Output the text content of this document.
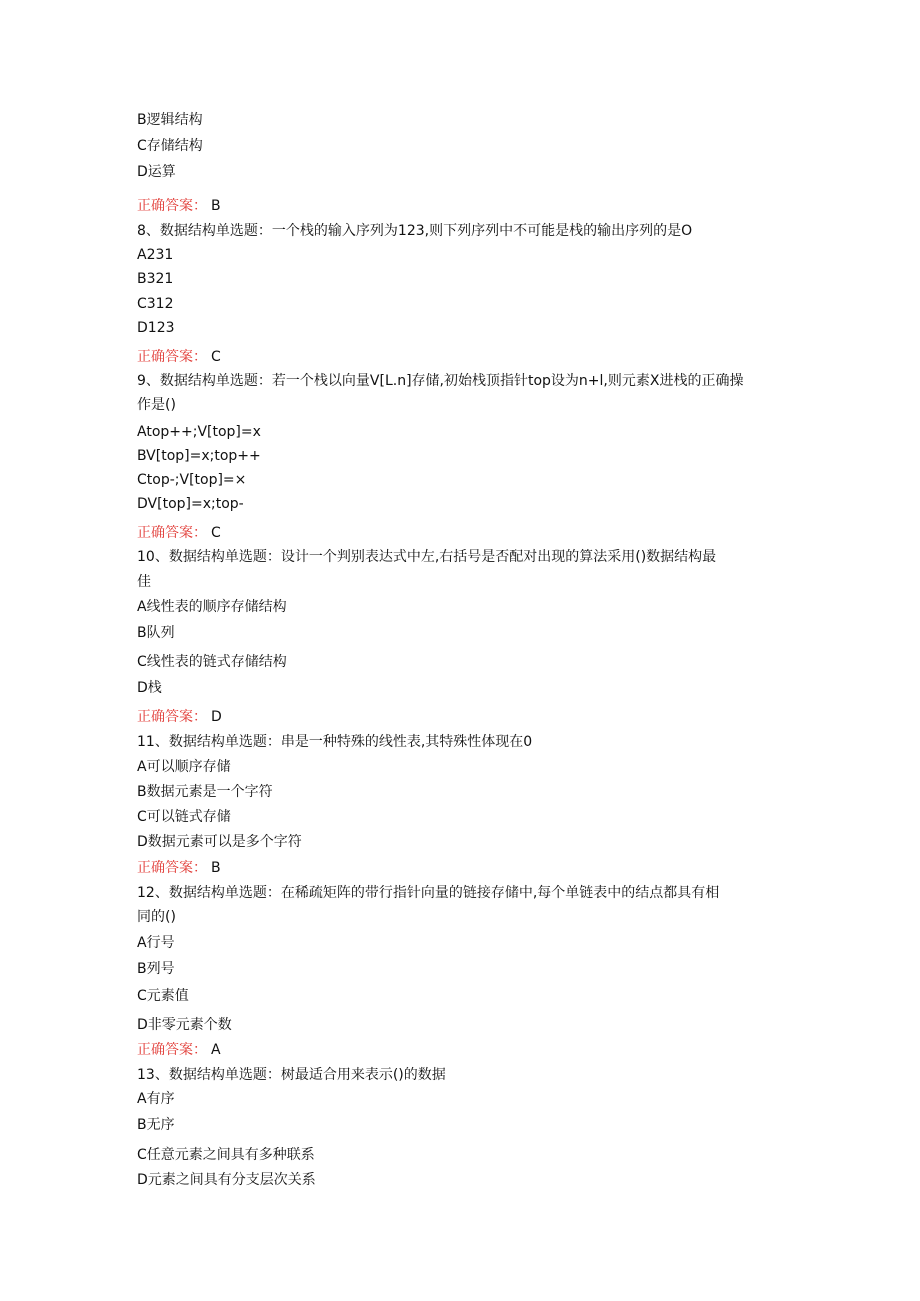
B逻辑结构
C存储结构
D运算
正确答案： B
8、数据结构单选题：一个栈的输入序列为123,则下列序列中不可能是栈的输出序列的是O
A231
B321
C312
D123
正确答案： C
9、数据结构单选题：若一个栈以向量V[L.n]存储,初始栈顶指针top设为n+l,则元素X进栈的正确操
作是()
Atop++;V[top]=x
BV[top]=x;top++
Ctop-;V[top]=×
DV[top]=x;top-
正确答案： C
10、数据结构单选题：设计一个判别表达式中左,右括号是否配对出现的算法采用()数据结构最
佳
A线性表的顺序存储结构
B队列
C线性表的链式存储结构
D栈
正确答案： D
11、数据结构单选题：串是一种特殊的线性表,其特殊性体现在0
A可以顺序存储
B数据元素是一个字符
C可以链式存储
D数据元素可以是多个字符
正确答案： B
12、数据结构单选题：在稀疏矩阵的带行指针向量的链接存储中,每个单链表中的结点都具有相
同的()
A行号
B列号
C元素值
D非零元素个数
正确答案： A
13、数据结构单选题：树最适合用来表示()的数据
A有序
B无序
C任意元素之间具有多种联系
D元素之间具有分支层次关系
